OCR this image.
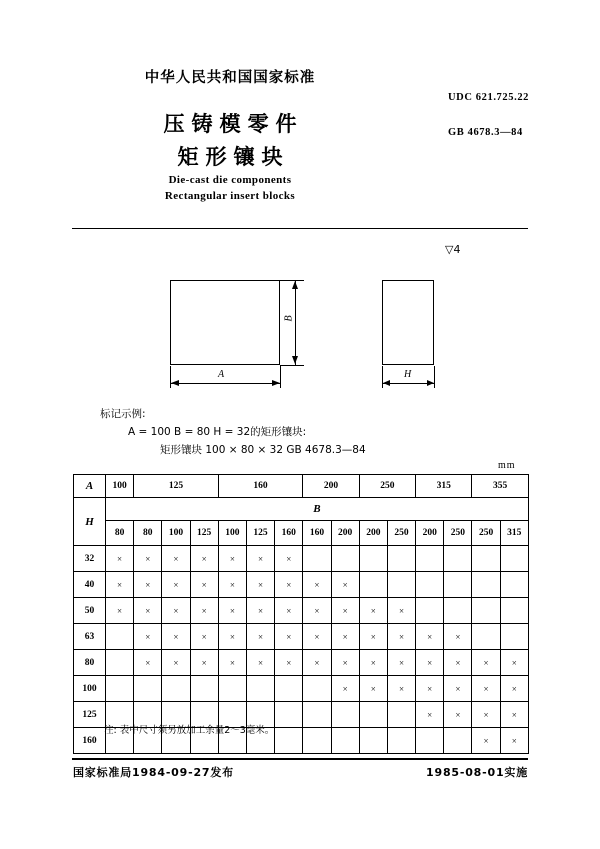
中华人民共和国国家标准
压铸模零件
矩形镶块
Die-cast die components
Rectangular insert blocks
UDC 621.725.22
GB 4678.3—84
▽4
B
A	H
标记示例:
A = 100 B = 80 H = 32的矩形镶块:
矩形镶块 100 × 80 × 32 GB 4678.3—84
mm
A	100	125			160			200		250		315		355	
H	B														
	80	80	100	125	100	125	160	160	200	200	250	200	250	250	315
32	×	×	×	×	×	×	×								
40	×	×	×	×	×	×	×	×	×						
50	×	×	×	×	×	×	×	×	×	×	×				
63		×	×	×	×	×	×	×	×	×	×	×	×		
80		×	×	×	×	×	×	×	×	×	×	×	×	×	×
100									×	×	×	×	×	×	×
125												×	×	×	×
160														×	×
注: 表中尺寸须另放加工余量2～3毫米。
国家标准局1984-09-27发布	1985-08-01实施
